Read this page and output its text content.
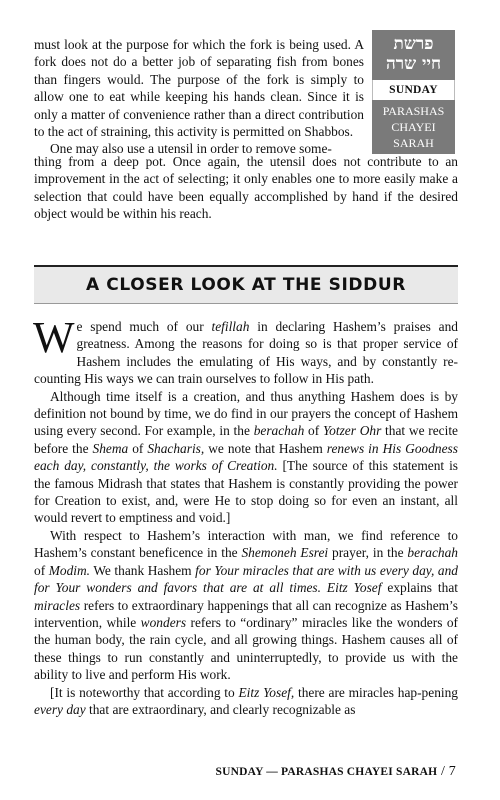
פרשת
חיי שרה
SUNDAY
PARASHAS
CHAYEI
SARAH

must look at the purpose for which the fork is being used. A fork does not do a better job of separating fish from bones than fingers would. The purpose of the fork is simply to allow one to eat while keeping his hands clean. Since it is only a matter of convenience rather than a direct contribution to the act of straining, this activity is permitted on Shabbos.

One may also use a utensil in order to remove some-

thing from a deep pot. Once again, the utensil does not contribute to an improvement in the act of selecting; it only enables one to more easily make a selection that could have been equally accomplished by hand if the desired object would be within his reach.

A CLOSER LOOK AT THE SIDDUR

We spend much of our tefillah in declaring Hashem’s praises and greatness. Among the reasons for doing so is that proper service of Hashem includes the emulating of His ways, and by constantly re-counting His ways we can train ourselves to follow in His path.

Although time itself is a creation, and thus anything Hashem does is by definition not bound by time, we do find in our prayers the concept of Hashem using every second. For example, in the berachah of Yotzer Ohr that we recite before the Shema of Shacharis, we note that Hashem renews in His Goodness each day, constantly, the works of Creation. [The source of this statement is the famous Midrash that states that Hashem is constantly providing the power for Creation to exist, and, were He to stop doing so for even an instant, all would revert to emptiness and void.]

With respect to Hashem’s interaction with man, we find reference to Hashem’s constant beneficence in the Shemoneh Esrei prayer, in the berachah of Modim. We thank Hashem for Your miracles that are with us every day, and for Your wonders and favors that are at all times. Eitz Yosef explains that miracles refers to extraordinary happenings that all can recognize as Hashem’s intervention, while wonders refers to “ordinary” miracles like the wonders of the human body, the rain cycle, and all growing things. Hashem causes all of these things to run constantly and uninterruptedly, to provide us with the ability to live and perform His work.

[It is noteworthy that according to Eitz Yosef, there are miracles hap-pening every day that are extraordinary, and clearly recognizable as

SUNDAY — PARASHAS CHAYEI SARAH / 7
